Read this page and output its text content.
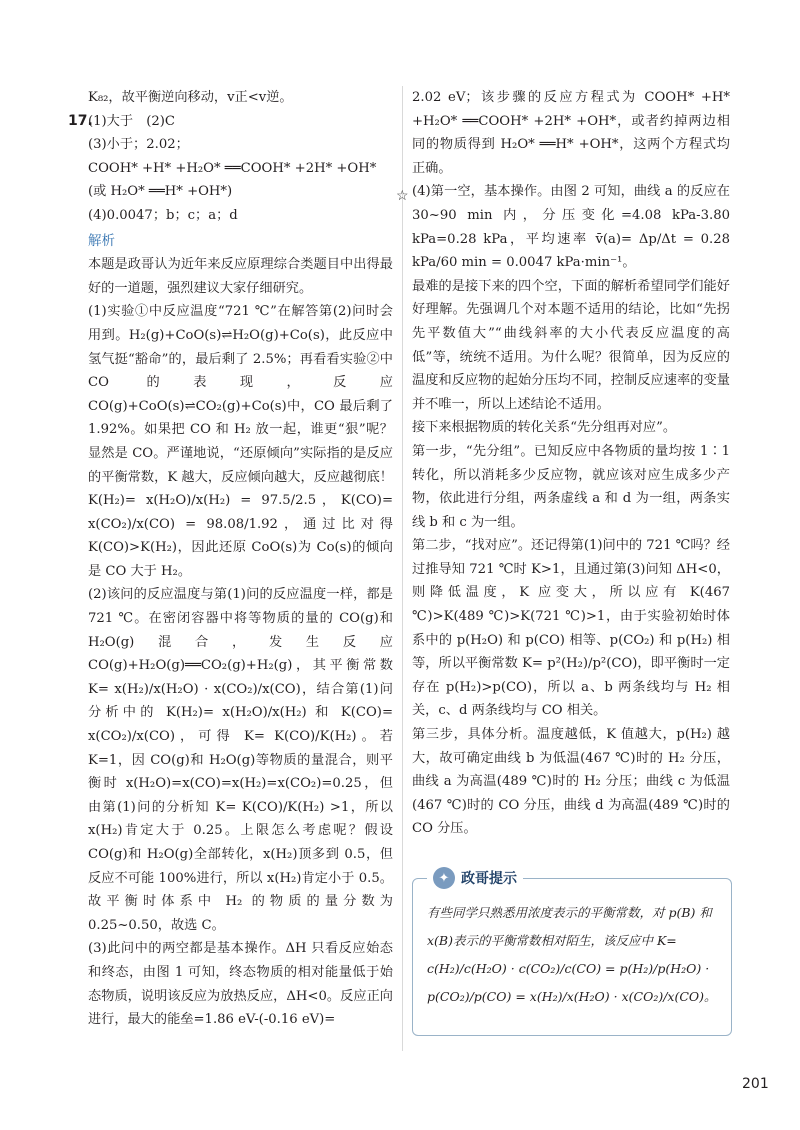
K₈₂，故平衡逆向移动，v正<v逆。

17.

(1)大于　(2)C

(3)小于；2.02；

COOH* +H* +H₂O* ══COOH* +2H* +OH*

(或 H₂O* ══H* +OH*)

(4)0.0047；b；c；a；d

解析

本题是政哥认为近年来反应原理综合类题目中出得最好的一道题，强烈建议大家仔细研究。

(1)实验①中反应温度“721 ℃”在解答第(2)问时会用到。H₂(g)+CoO(s)⇌H₂O(g)+Co(s)，此反应中氢气挺“豁命”的，最后剩了 2.5%；再看看实验②中 CO 的表现，反应 CO(g)+CoO(s)⇌CO₂(g)+Co(s)中，CO 最后剩了 1.92%。如果把 CO 和 H₂ 放一起，谁更“狠”呢？显然是 CO。严谨地说，“还原倾向”实际指的是反应的平衡常数，K 越大，反应倾向越大，反应越彻底！K(H₂)= x(H₂O)/x(H₂) = 97.5/2.5，K(CO)= x(CO₂)/x(CO) = 98.08/1.92，通过比对得 K(CO)>K(H₂)，因此还原 CoO(s)为 Co(s)的倾向是 CO 大于 H₂。

(2)该问的反应温度与第(1)问的反应温度一样，都是 721 ℃。在密闭容器中将等物质的量的 CO(g)和 H₂O(g)混合，发生反应 CO(g)+H₂O(g)══CO₂(g)+H₂(g)，其平衡常数 K= x(H₂)/x(H₂O) · x(CO₂)/x(CO)，结合第(1)问分析中的 K(H₂)= x(H₂O)/x(H₂) 和 K(CO)= x(CO₂)/x(CO)，可得 K= K(CO)/K(H₂)。若 K=1，因 CO(g)和 H₂O(g)等物质的量混合，则平衡时 x(H₂O)=x(CO)=x(H₂)=x(CO₂)=0.25，但由第(1)问的分析知 K= K(CO)/K(H₂) >1，所以 x(H₂)肯定大于 0.25。上限怎么考虑呢？假设 CO(g)和 H₂O(g)全部转化，x(H₂)顶多到 0.5，但反应不可能 100%进行，所以 x(H₂)肯定小于 0.5。故平衡时体系中 H₂ 的物质的量分数为 0.25~0.50，故选 C。

(3)此问中的两空都是基本操作。ΔH 只看反应始态和终态，由图 1 可知，终态物质的相对能量低于始态物质，说明该反应为放热反应，ΔH<0。反应正向进行，最大的能垒=1.86 eV-(-0.16 eV)=

☆

2.02 eV；该步骤的反应方程式为 COOH* +H* +H₂O* ══COOH* +2H* +OH*，或者约掉两边相同的物质得到 H₂O* ══H* +OH*，这两个方程式均正确。

(4)第一空，基本操作。由图 2 可知，曲线 a 的反应在 30~90 min 内，分压变化=4.08 kPa-3.80 kPa=0.28 kPa，平均速率 v̄(a)= Δp/Δt = 0.28 kPa/60 min = 0.0047 kPa·min⁻¹。

最难的是接下来的四个空，下面的解析希望同学们能好好理解。先强调几个对本题不适用的结论，比如“先拐先平数值大”“曲线斜率的大小代表反应温度的高低”等，统统不适用。为什么呢？很简单，因为反应的温度和反应物的起始分压均不同，控制反应速率的变量并不唯一，所以上述结论不适用。

接下来根据物质的转化关系“先分组再对应”。

第一步，“先分组”。已知反应中各物质的量均按 1∶1 转化，所以消耗多少反应物，就应该对应生成多少产物，依此进行分组，两条虚线 a 和 d 为一组，两条实线 b 和 c 为一组。

第二步，“找对应”。还记得第(1)问中的 721 ℃吗？经过推导知 721 ℃时 K>1，且通过第(3)问知 ΔH<0，则降低温度，K 应变大，所以应有 K(467 ℃)>K(489 ℃)>K(721 ℃)>1，由于实验初始时体系中的 p(H₂O) 和 p(CO) 相等、p(CO₂) 和 p(H₂) 相等，所以平衡常数 K= p²(H₂)/p²(CO)，即平衡时一定存在 p(H₂)>p(CO)，所以 a、b 两条线均与 H₂ 相关，c、d 两条线均与 CO 相关。

第三步，具体分析。温度越低，K 值越大，p(H₂) 越大，故可确定曲线 b 为低温(467 ℃)时的 H₂ 分压，曲线 a 为高温(489 ℃)时的 H₂ 分压；曲线 c 为低温(467 ℃)时的 CO 分压，曲线 d 为高温(489 ℃)时的 CO 分压。

✦ 政哥提示
有些同学只熟悉用浓度表示的平衡常数，对 p(B) 和 x(B)表示的平衡常数相对陌生，该反应中 K= c(H₂)/c(H₂O) · c(CO₂)/c(CO) = p(H₂)/p(H₂O) · p(CO₂)/p(CO) = x(H₂)/x(H₂O) · x(CO₂)/x(CO)。
201
